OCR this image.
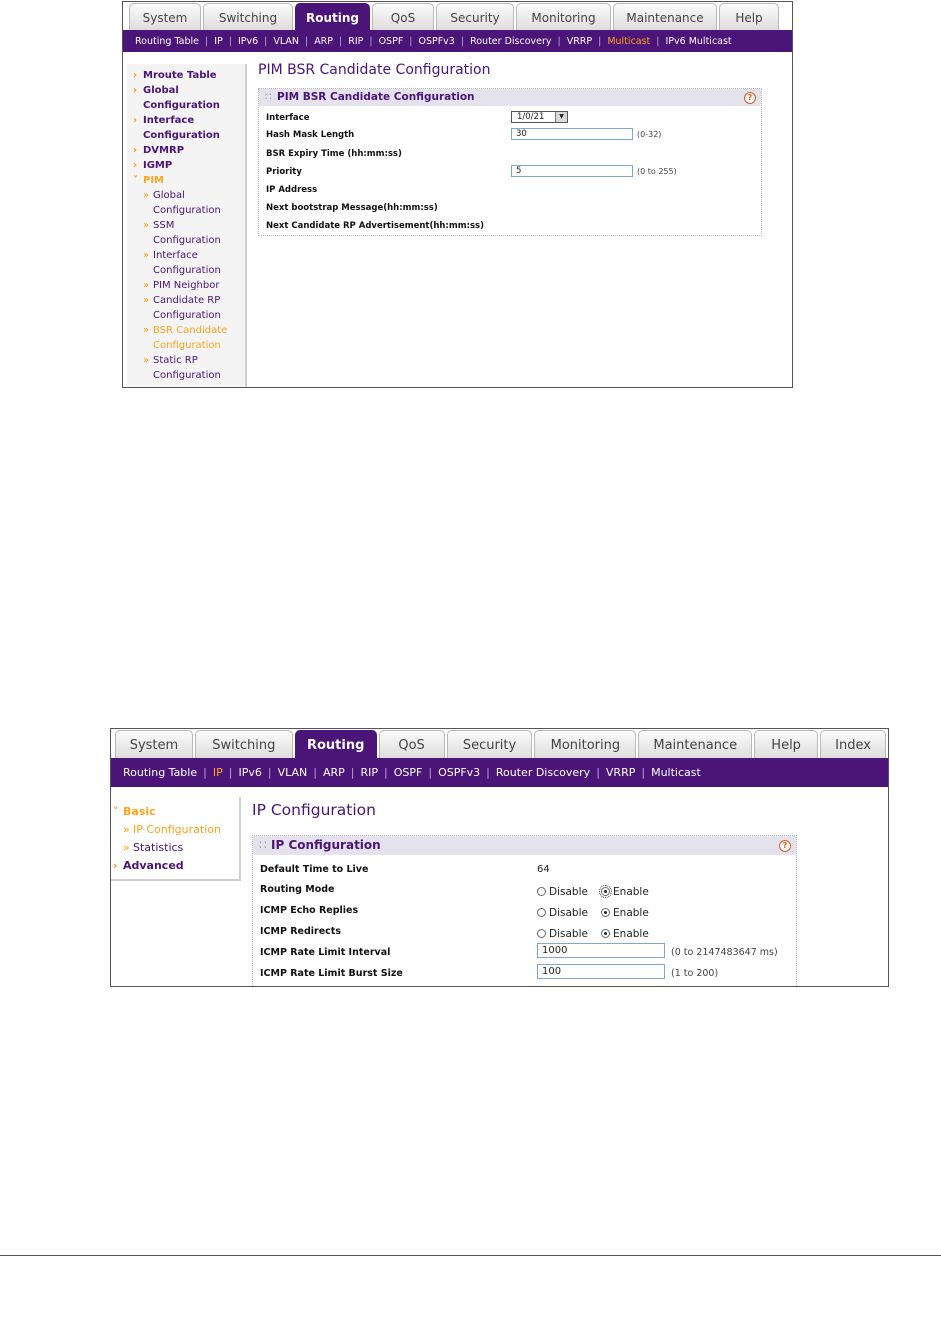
System	Switching	Routing	QoS	Security	Monitoring	Maintenance	Help
Routing Table | IP | IPv6 | VLAN | ARP | RIP | OSPF | OSPFv3 | Router Discovery | VRRP | Multicast | IPv6 Multicast
› Mroute Table
› Global
Configuration
› Interface
Configuration
› DVMRP
› IGMP
˅ PIM
» Global
Configuration
» SSM
Configuration
» Interface
Configuration
» PIM Neighbor
» Candidate RP
Configuration
» BSR Candidate
Configuration
» Static RP
Configuration
PIM BSR Candidate Configuration
∷ PIM BSR Candidate Configuration	?
Interface	1/0/21	▼
Hash Mask Length	30	(0-32)
BSR Expiry Time (hh:mm:ss)
Priority	5	(0 to 255)
IP Address
Next bootstrap Message(hh:mm:ss)
Next Candidate RP Advertisement(hh:mm:ss)
System	Switching	Routing	QoS	Security	Monitoring	Maintenance	Help	Index
Routing Table | IP | IPv6 | VLAN | ARP | RIP | OSPF | OSPFv3 | Router Discovery | VRRP | Multicast
˅ Basic
» IP Configuration
» Statistics
› Advanced
IP Configuration
∷ IP Configuration	?
Default Time to Live	64
Routing Mode	Disable Enable
ICMP Echo Replies	Disable Enable
ICMP Redirects	Disable Enable
ICMP Rate Limit Interval	1000	(0 to 2147483647 ms)
ICMP Rate Limit Burst Size	100	(1 to 200)
